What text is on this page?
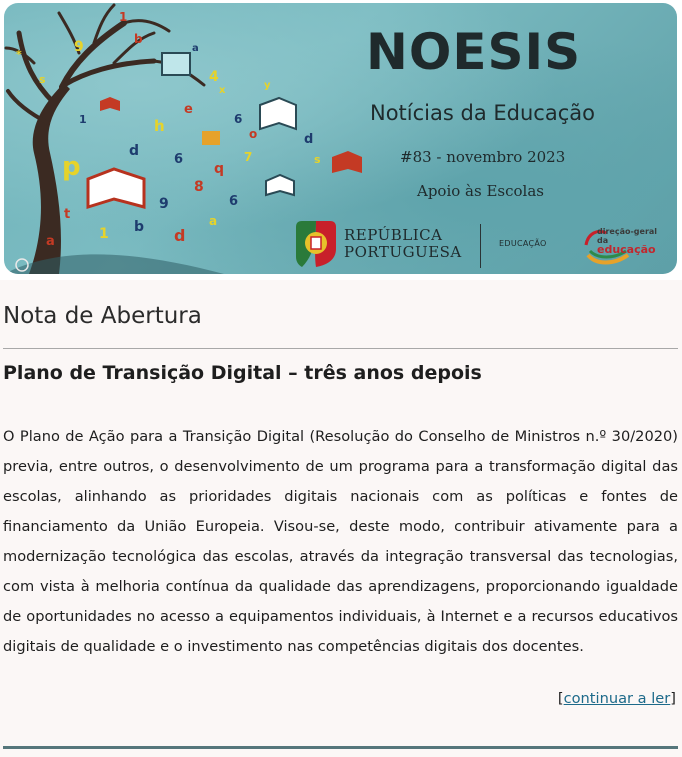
9	b
4
6
e
h
p
d
6
q
7
8
9
b d
a
6
1
t
a
d
s
o
1
s
*	a
y
x
1
NOESIS
Notícias da Educação
#83 - novembro 2023
Apoio às Escolas
REPÚBLICA
PORTUGUESA	EDUCAÇÃO
direção-geral
da
educação
Nota de Abertura
Plano de Transição Digital – três anos depois
O Plano de Ação para a Transição Digital (Resolução do Conselho de Ministros n.º 30/2020) previa, entre outros, o desenvolvimento de um programa para a transformação digital das escolas, alinhando as prioridades digitais nacionais com as políticas e fontes de financiamento da União Europeia. Visou-se, deste modo, contribuir ativamente para a modernização tecnológica das escolas, através da integração transversal das tecnologias, com vista à melhoria contínua da qualidade das aprendizagens, proporcionando igualdade de oportunidades no acesso a equipamentos individuais, à Internet e a recursos educativos digitais de qualidade e o investimento nas competências digitais dos docentes.
[continuar a ler]
